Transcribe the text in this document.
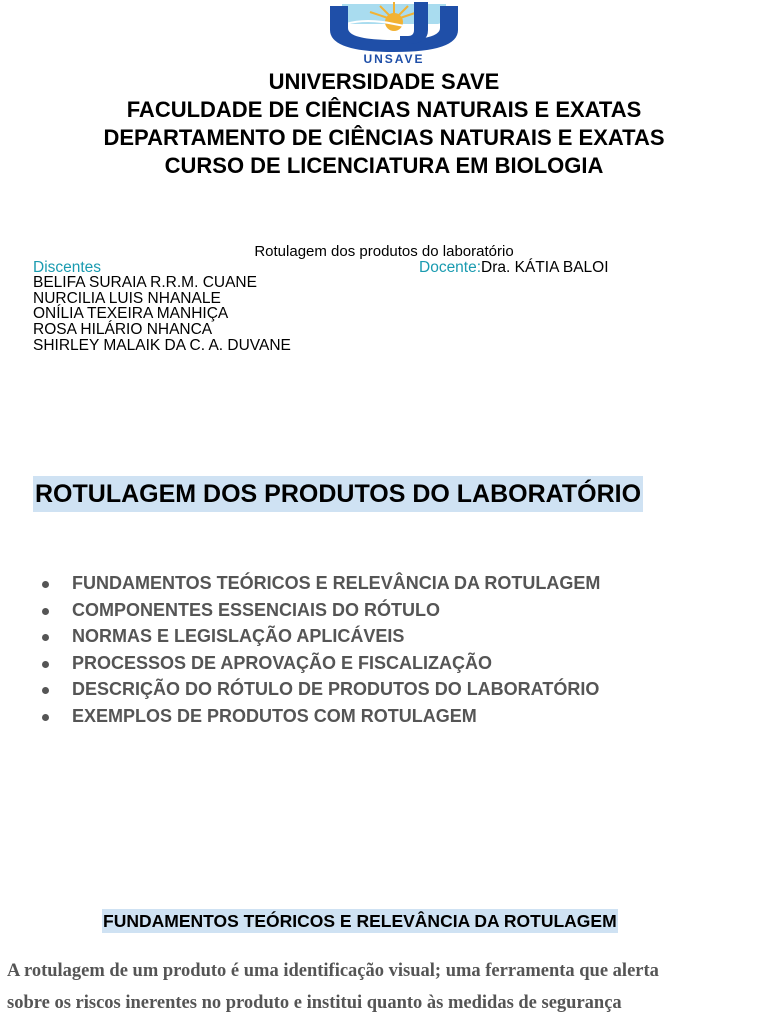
UNSAVE
UNIVERSIDADE SAVE
FACULDADE DE CIÊNCIAS NATURAIS E EXATAS
DEPARTAMENTO DE CIÊNCIAS NATURAIS E EXATAS
CURSO DE LICENCIATURA EM BIOLOGIA
Rotulagem dos produtos do laboratório
Discentes	Docente:Dra. KÁTIA BALOI
BELIFA SURAIA R.R.M. CUANE
NURCILIA LUIS NHANALE
ONÍLIA TEXEIRA MANHIÇA
ROSA HILÁRIO NHANCA
SHIRLEY MALAIK DA C. A. DUVANE
ROTULAGEM DOS PRODUTOS DO LABORATÓRIO
FUNDAMENTOS TEÓRICOS E RELEVÂNCIA DA ROTULAGEM
COMPONENTES ESSENCIAIS DO RÓTULO
NORMAS E LEGISLAÇÃO APLICÁVEIS
PROCESSOS DE APROVAÇÃO E FISCALIZAÇÃO
DESCRIÇÃO DO RÓTULO DE PRODUTOS DO LABORATÓRIO
EXEMPLOS DE PRODUTOS COM ROTULAGEM
FUNDAMENTOS TEÓRICOS E RELEVÂNCIA DA ROTULAGEM
A rotulagem de um produto é uma identificação visual; uma ferramenta que alerta
sobre os riscos inerentes no produto e institui quanto às medidas de segurança
